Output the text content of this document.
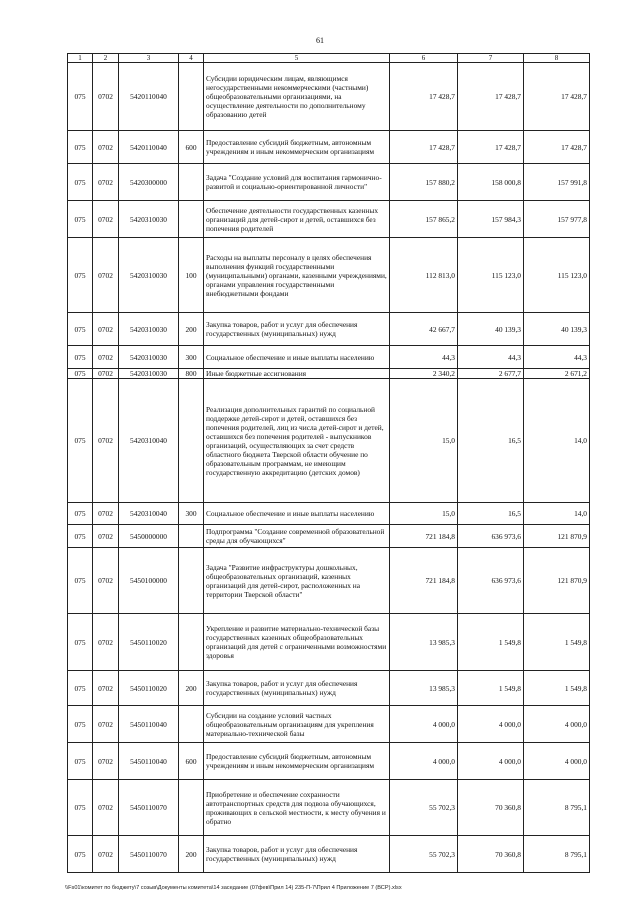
61
1	2	3	4	5	6	7	8
075	0702	5420110040		Субсидии юридическим лицам, являющимся негосударственными некоммерческими (частными) общеобразовательными организациями, на осуществление деятельности по дополнительному образованию детей	17 428,7	17 428,7	17 428,7
075	0702	5420110040	600	Предоставление субсидий бюджетным, автономным учреждениям и иным некоммерческим организациям	17 428,7	17 428,7	17 428,7
075	0702	5420300000		Задача "Создание условий для воспитания гармонично-развитой и социально-ориентированной личности"	157 880,2	158 000,8	157 991,8
075	0702	5420310030		Обеспечение деятельности государственных казенных организаций для детей-сирот и детей, оставшихся без попечения родителей	157 865,2	157 984,3	157 977,8
075	0702	5420310030	100	Расходы на выплаты персоналу в целях обеспечения выполнения функций государственными (муниципальными) органами, казенными учреждениями, органами управления государственными внебюджетными фондами	112 813,0	115 123,0	115 123,0
075	0702	5420310030	200	Закупка товаров, работ и услуг для обеспечения государственных (муниципальных) нужд	42 667,7	40 139,3	40 139,3
075	0702	5420310030	300	Социальное обеспечение и иные выплаты населению	44,3	44,3	44,3
075	0702	5420310030	800	Иные бюджетные ассигнования	2 340,2	2 677,7	2 671,2
075	0702	5420310040		Реализация дополнительных гарантий по социальной поддержке детей-сирот и детей, оставшихся без попечения родителей, лиц из числа детей-сирот и детей, оставшихся без попечения родителей - выпускников организаций, осуществляющих за счет средств областного бюджета Тверской области обучение по образовательным программам, не имеющим государственную аккредитацию (детских домов)	15,0	16,5	14,0
075	0702	5420310040	300	Социальное обеспечение и иные выплаты населению	15,0	16,5	14,0
075	0702	5450000000		Подпрограмма "Создание современной образовательной среды для обучающихся"	721 184,8	636 973,6	121 870,9
075	0702	5450100000		Задача "Развитие инфраструктуры дошкольных, общеобразовательных организаций, казенных организаций для детей-сирот, расположенных на территории Тверской области"	721 184,8	636 973,6	121 870,9
075	0702	5450110020		Укрепление и развитие материально-технической базы государственных казенных общеобразовательных организаций для детей с ограниченными возможностями здоровья	13 985,3	1 549,8	1 549,8
075	0702	5450110020	200	Закупка товаров, работ и услуг для обеспечения государственных (муниципальных) нужд	13 985,3	1 549,8	1 549,8
075	0702	5450110040		Субсидии на создание условий частных общеобразовательным организациям для укрепления материально-технической базы	4 000,0	4 000,0	4 000,0
075	0702	5450110040	600	Предоставление субсидий бюджетным, автономным учреждениям и иным некоммерческим организациям	4 000,0	4 000,0	4 000,0
075	0702	5450110070		Приобретение и обеспечение сохранности автотранспортных средств для подвоза обучающихся, проживающих в сельской местности, к месту обучения и обратно	55 702,3	70 360,8	8 795,1
075	0702	5450110070	200	Закупка товаров, работ и услуг для обеспечения государственных (муниципальных) нужд	55 702,3	70 360,8	8 795,1
\\Fs01\комитет по бюджету\7 созыв\Документы комитета\14 заседание (07фев\Прил 14) 235-П-7\Прил 4 Приложение 7 (ВСР).xlsx
